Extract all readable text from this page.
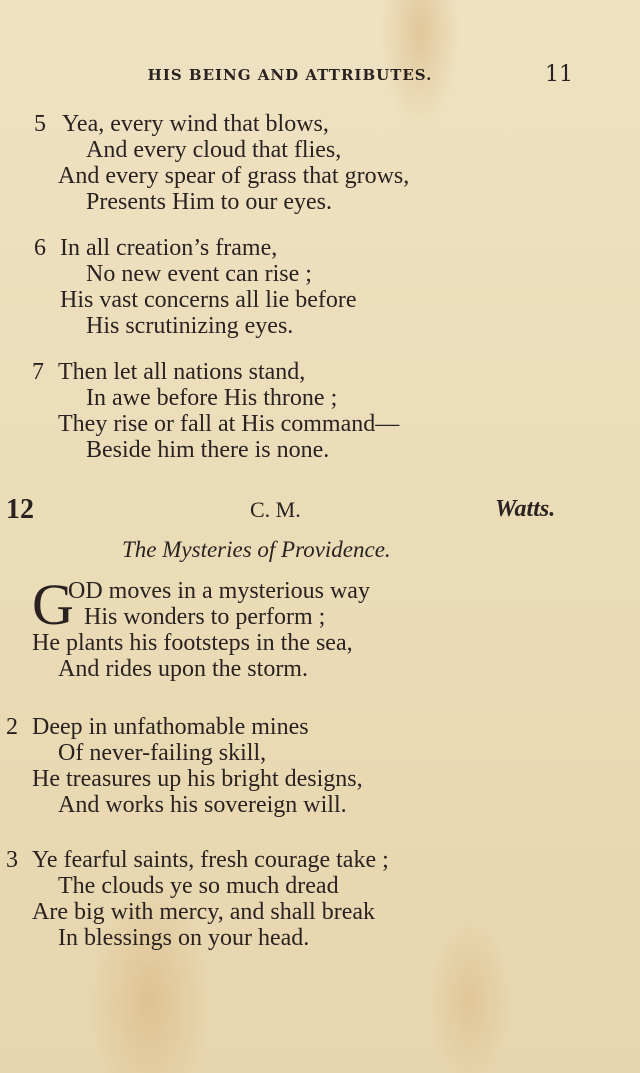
HIS BEING AND ATTRIBUTES.	11
5 Yea, every wind that blows,
And every cloud that flies,
And every spear of grass that grows,
Presents Him to our eyes.
6 In all creation’s frame,
No new event can rise ;
His vast concerns all lie before
His scrutinizing eyes.
7 Then let all nations stand,
In awe before His throne ;
They rise or fall at His command—
Beside him there is none.
12	C. M.	Watts.
The Mysteries of Providence.
G
OD moves in a mysterious way
His wonders to perform ;
He plants his footsteps in the sea,
And rides upon the storm.
2 Deep in unfathomable mines
Of never-failing skill,
He treasures up his bright designs,
And works his sovereign will.
3 Ye fearful saints, fresh courage take ;
The clouds ye so much dread
Are big with mercy, and shall break
In blessings on your head.
